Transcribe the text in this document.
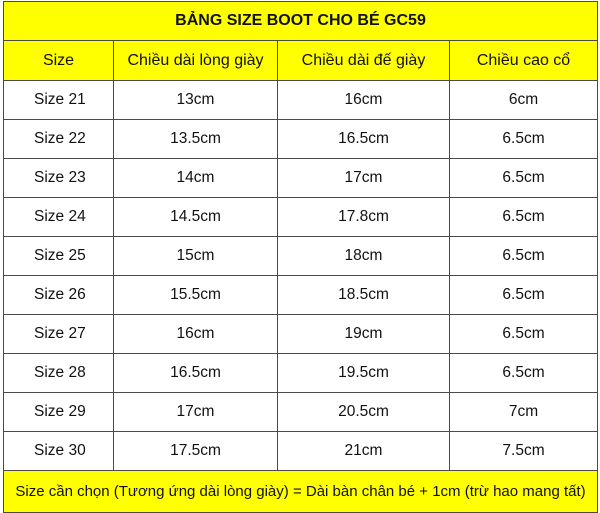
BẢNG SIZE BOOT CHO BÉ GC59			
Size	Chiều dài lòng giày	Chiều dài đế giày	Chiều cao cổ
Size 21	13cm	16cm	6cm
Size 22	13.5cm	16.5cm	6.5cm
Size 23	14cm	17cm	6.5cm
Size 24	14.5cm	17.8cm	6.5cm
Size 25	15cm	18cm	6.5cm
Size 26	15.5cm	18.5cm	6.5cm
Size 27	16cm	19cm	6.5cm
Size 28	16.5cm	19.5cm	6.5cm
Size 29	17cm	20.5cm	7cm
Size 30	17.5cm	21cm	7.5cm
Size cần chọn (Tương ứng dài lòng giày) = Dài bàn chân bé + 1cm (trừ hao mang tất)			
